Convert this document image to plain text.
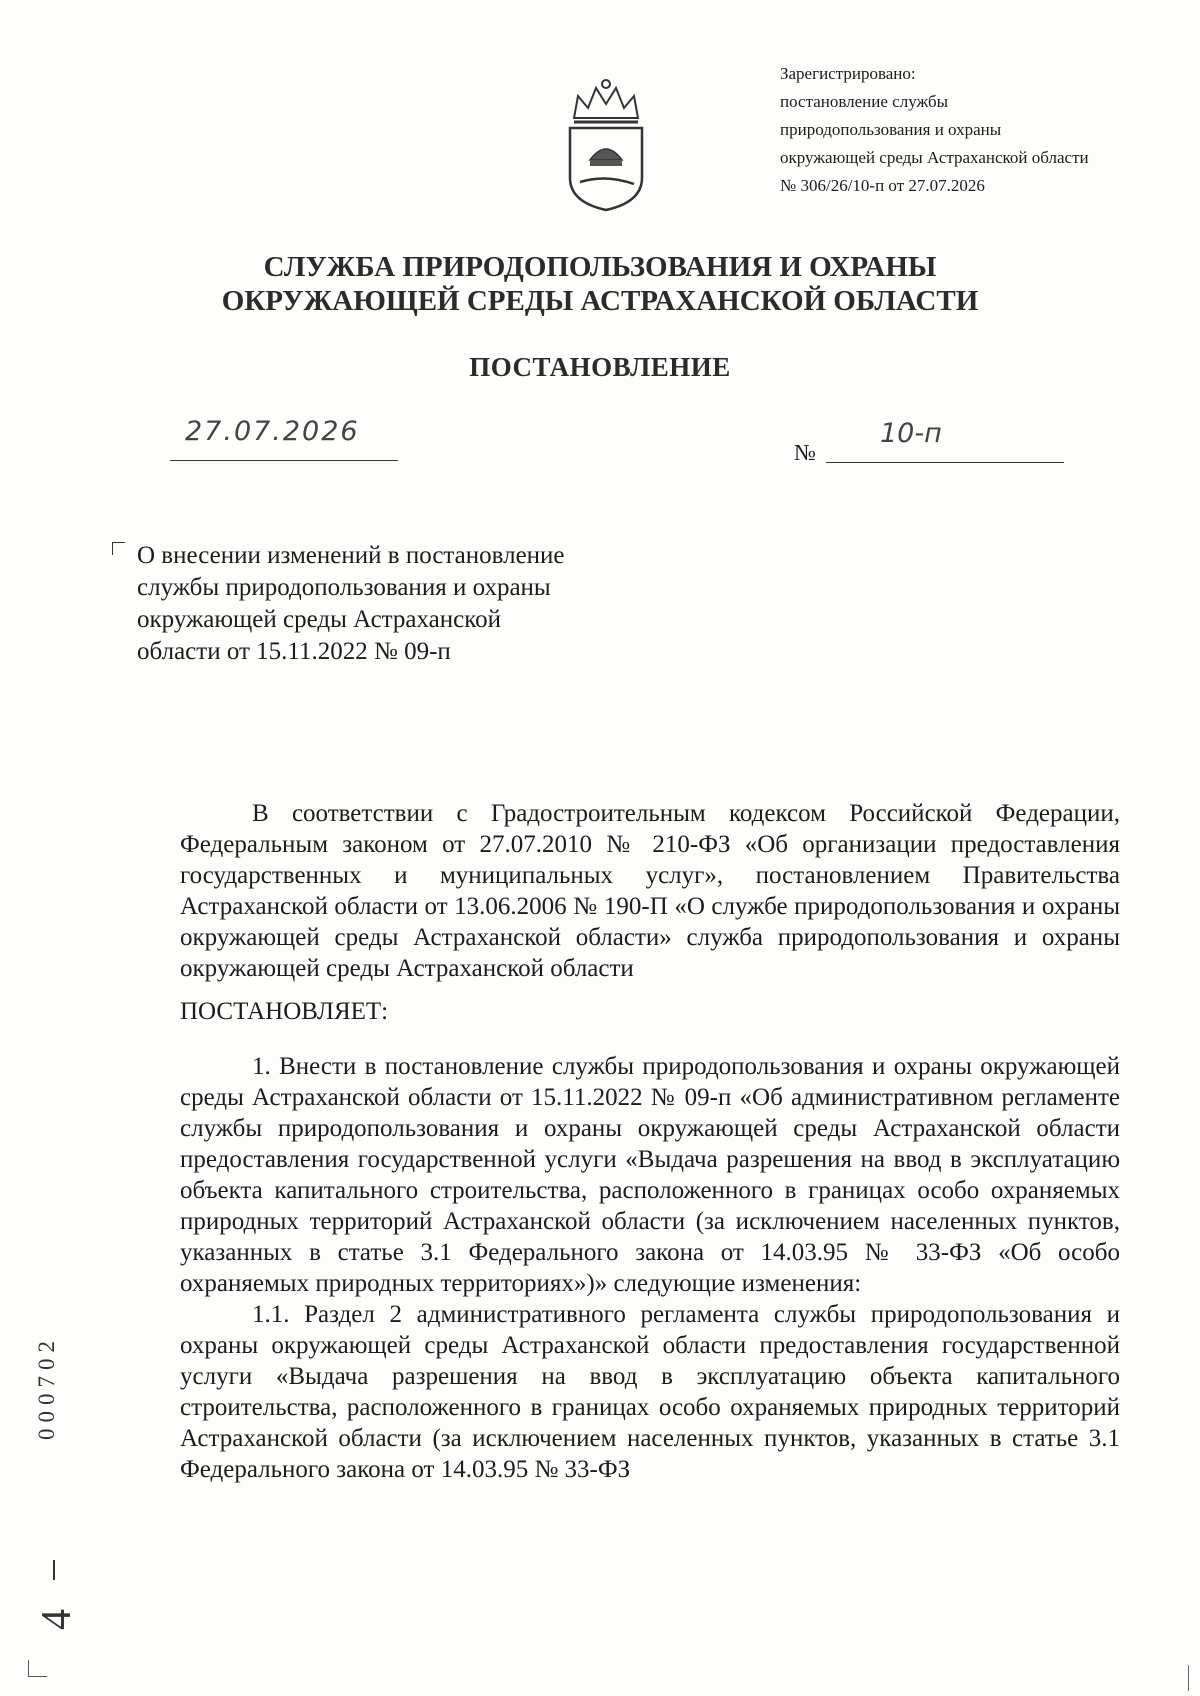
Зарегистрировано:
постановление службы
природопользования и охраны
окружающей среды Астраханской области
№ 306/26/10-п от 27.07.2026
СЛУЖБА ПРИРОДОПОЛЬЗОВАНИЯ И ОХРАНЫ
ОКРУЖАЮЩЕЙ СРЕДЫ АСТРАХАНСКОЙ ОБЛАСТИ
ПОСТАНОВЛЕНИЕ
27.07.2026
№
10-п
О внесении изменений в постановление
службы природопользования и охраны
окружающей среды Астраханской
области от 15.11.2022 № 09-п

В соответствии с Градостроительным кодексом Российской Федерации, Федеральным законом от 27.07.2010 № 210-ФЗ «Об организации предоставления государственных и муниципальных услуг», постановлением Правительства Астраханской области от 13.06.2006 № 190-П «О службе природопользования и охраны окружающей среды Астраханской области» служба природопользования и охраны окружающей среды Астраханской области

ПОСТАНОВЛЯЕТ:

1. Внести в постановление службы природопользования и охраны окружающей среды Астраханской области от 15.11.2022 № 09-п «Об административном регламенте службы природопользования и охраны окружающей среды Астраханской области предоставления государственной услуги «Выдача разрешения на ввод в эксплуатацию объекта капитального строительства, расположенного в границах особо охраняемых природных территорий Астраханской области (за исключением населенных пунктов, указанных в статье 3.1 Федерального закона от 14.03.95 № 33-ФЗ «Об особо охраняемых природных территориях»)» следующие изменения:

1.1. Раздел 2 административного регламента службы природопользования и охраны окружающей среды Астраханской области предоставления государственной услуги «Выдача разрешения на ввод в эксплуатацию объекта капитального строительства, расположенного в границах особо охраняемых природных территорий Астраханской области (за исключением населенных пунктов, указанных в статье 3.1 Федерального закона от 14.03.95 № 33-ФЗ

000702
4
